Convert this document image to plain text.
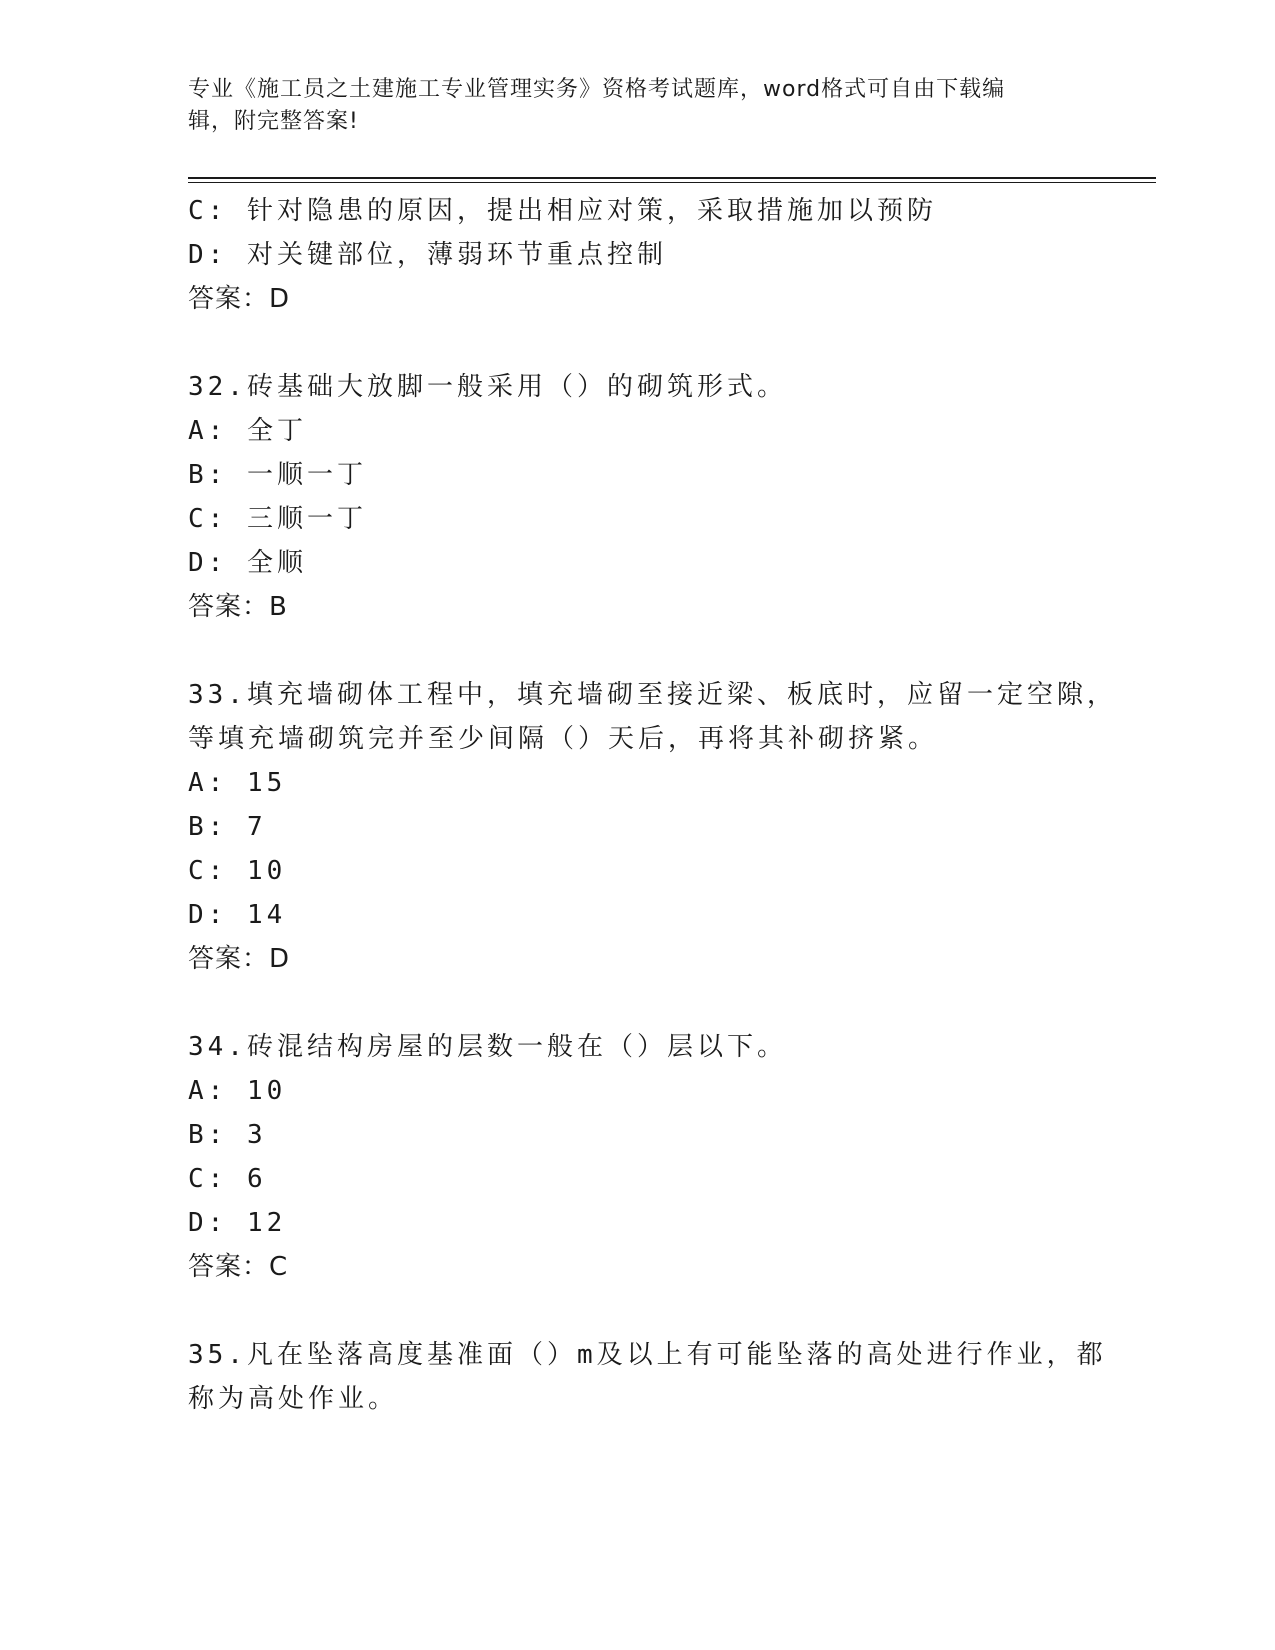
专业《施工员之土建施工专业管理实务》资格考试题库，word格式可自由下载编
辑，附完整答案!
C: 针对隐患的原因，提出相应对策，采取措施加以预防
D: 对关键部位，薄弱环节重点控制
答案：D
32.砖基础大放脚一般采用（）的砌筑形式。
A: 全丁
B: 一顺一丁
C: 三顺一丁
D: 全顺
答案：B
33.填充墙砌体工程中，填充墙砌至接近梁、板底时，应留一定空隙，
等填充墙砌筑完并至少间隔（）天后，再将其补砌挤紧。
A: 15
B: 7
C: 10
D: 14
答案：D
34.砖混结构房屋的层数一般在（）层以下。
A: 10
B: 3
C: 6
D: 12
答案：C
35.凡在坠落高度基准面（）m及以上有可能坠落的高处进行作业，都
称为高处作业。
